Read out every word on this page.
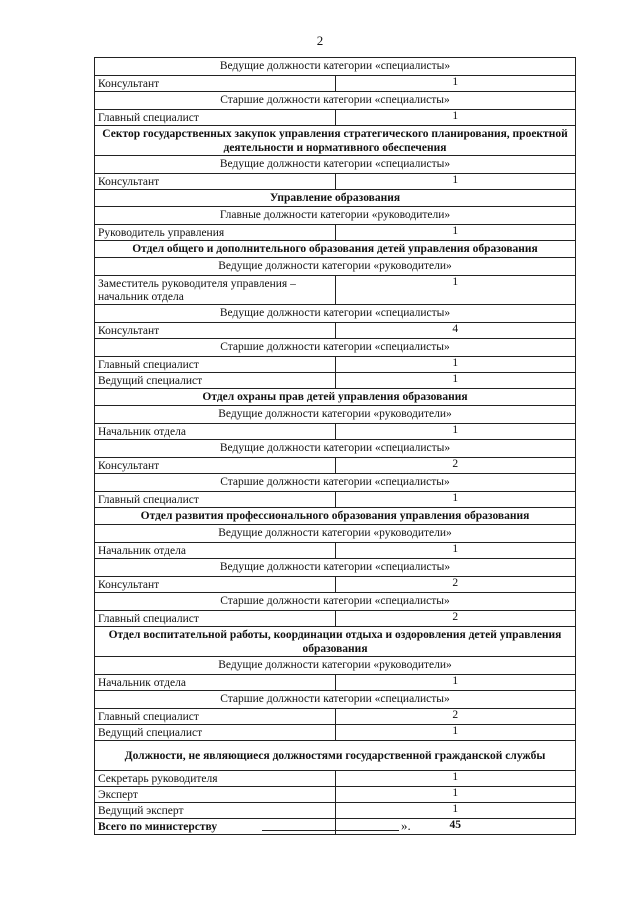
2
Ведущие должности категории «специалисты»	
Консультант	1
Старшие должности категории «специалисты»	
Главный специалист	1
Сектор государственных закупок управления стратегического планирования, проектной деятельности и нормативного обеспечения	
Ведущие должности категории «специалисты»	
Консультант	1
Управление образования	
Главные должности категории «руководители»	
Руководитель управления	1
Отдел общего и дополнительного образования детей управления образования	
Ведущие должности категории «руководители»	
Заместитель руководителя управления – начальник отдела	1
Ведущие должности категории «специалисты»	
Консультант	4
Старшие должности категории «специалисты»	
Главный специалист	1
Ведущий специалист	1
Отдел охраны прав детей управления образования	
Ведущие должности категории «руководители»	
Начальник отдела	1
Ведущие должности категории «специалисты»	
Консультант	2
Старшие должности категории «специалисты»	
Главный специалист	1
Отдел развития профессионального образования управления образования	
Ведущие должности категории «руководители»	
Начальник отдела	1
Ведущие должности категории «специалисты»	
Консультант	2
Старшие должности категории «специалисты»	
Главный специалист	2
Отдел воспитательной работы, координации отдыха и оздоровления детей управления образования	
Ведущие должности категории «руководители»	
Начальник отдела	1
Старшие должности категории «специалисты»	
Главный специалист	2
Ведущий специалист	1
Должности, не являющиеся должностями государственной гражданской службы	
Секретарь руководителя	1
Эксперт	1
Ведущий эксперт	1
Всего по министерству	45
».
